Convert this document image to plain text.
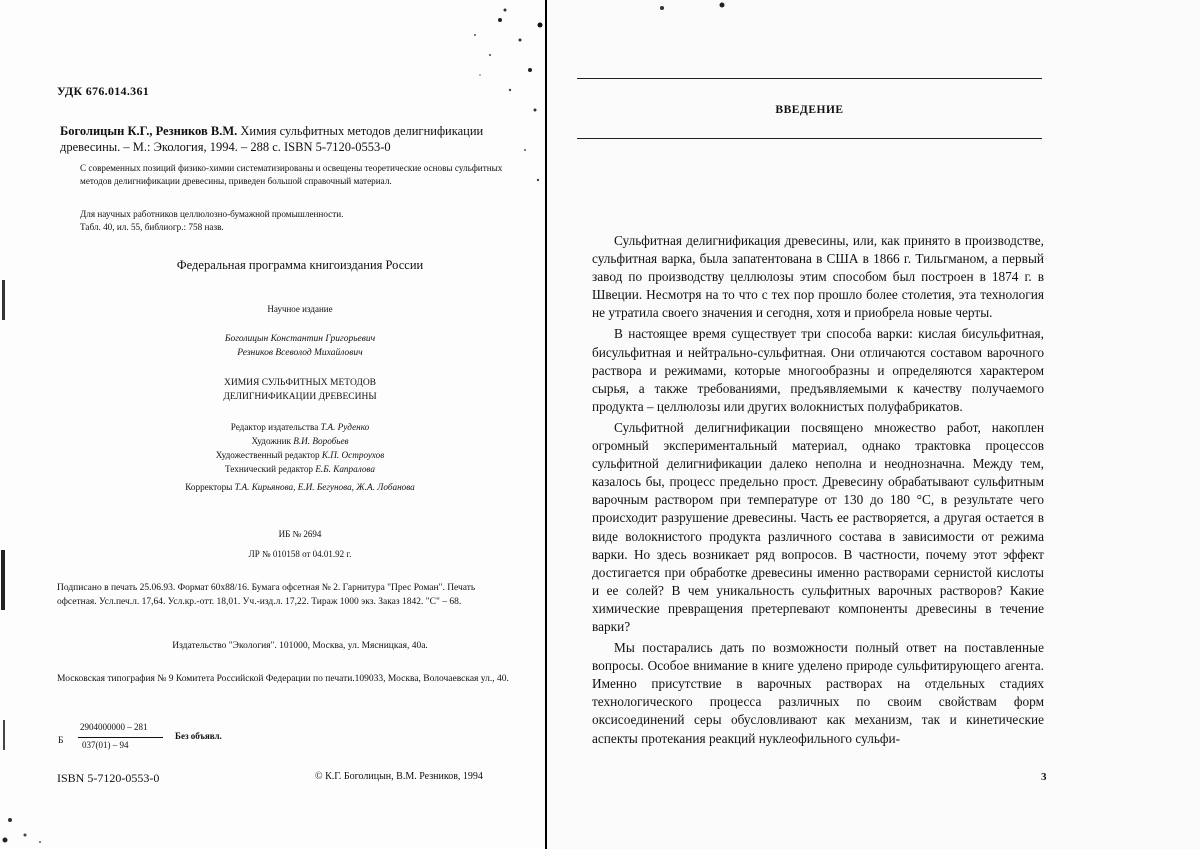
УДК 676.014.361
Боголицын К.Г., Резников В.М. Химия сульфитных методов делигнификации древесины. – М.: Экология, 1994. – 288 с. ISBN 5-7120-0553-0
С современных позиций физико-химии систематизированы и освещены теоретические основы сульфитных методов делигнификации древесины, приведен большой справочный материал.
Для научных работников целлюлозно-бумажной промышленности.
Табл. 40, ил. 55, библиогр.: 758 назв.
Федеральная программа книгоиздания России
Научное издание
Боголицын Константин Григорьевич
Резников Всеволод Михайлович
ХИМИЯ СУЛЬФИТНЫХ МЕТОДОВ
ДЕЛИГНИФИКАЦИИ ДРЕВЕСИНЫ
Редактор издательства Т.А. Руденко
Художник В.И. Воробьев
Художественный редактор К.П. Остроухов
Технический редактор Е.Б. Капралова
Корректоры Т.А. Кирьянова, Е.И. Бегунова, Ж.А. Лобанова
ИБ № 2694
ЛР № 010158 от 04.01.92 г.
Подписано в печать 25.06.93. Формат 60х88/16. Бумага офсетная № 2. Гарнитура "Прес Роман". Печать офсетная. Усл.печ.л. 17,64. Усл.кр.-отт. 18,01. Уч.-изд.л. 17,22. Тираж 1000 экз. Заказ 1842. "С" – 68.
Издательство "Экология". 101000, Москва, ул. Мясницкая, 40а.
Московская типография № 9 Комитета Российской Федерации по печати.109033, Москва, Волочаевская ул., 40.
Б
2904000000 – 281
037(01) – 94
Без объявл.
ISBN 5-7120-0553-0	© К.Г. Боголицын, В.М. Резников, 1994
ВВЕДЕНИЕ

Сульфитная делигнификация древесины, или, как принято в производстве, сульфитная варка, была запатентована в США в 1866 г. Тильгманом, а первый завод по производству целлюлозы этим способом был построен в 1874 г. в Швеции. Несмотря на то что с тех пор прошло более столетия, эта технология не утратила своего значения и сегодня, хотя и приобрела новые черты.

В настоящее время существует три способа варки: кислая бисульфитная, бисульфитная и нейтрально-сульфитная. Они отличаются составом варочного раствора и режимами, которые многообразны и определяются характером сырья, а также требованиями, предъявляемыми к качеству получаемого продукта – целлюлозы или других волокнистых полуфабрикатов.

Сульфитной делигнификации посвящено множество работ, накоплен огромный экспериментальный материал, однако трактовка процессов сульфитной делигнификации далеко неполна и неоднозначна. Между тем, казалось бы, процесс предельно прост. Древесину обрабатывают сульфитным варочным раствором при температуре от 130 до 180 °С, в результате чего происходит разрушение древесины. Часть ее растворяется, а другая остается в виде волокнистого продукта различного состава в зависимости от режима варки. Но здесь возникает ряд вопросов. В частности, почему этот эффект достигается при обработке древесины именно растворами сернистой кислоты и ее солей? В чем уникальность сульфитных варочных растворов? Какие химические превращения претерпевают компоненты древесины в течение варки?

Мы постарались дать по возможности полный ответ на поставленные вопросы. Особое внимание в книге уделено природе сульфитирующего агента. Именно присутствие в варочных растворах на отдельных стадиях технологического процесса различных по своим свойствам форм оксисоединений серы обусловливают как механизм, так и кинетические аспекты протекания реакций нуклеофильного сульфи-

3
